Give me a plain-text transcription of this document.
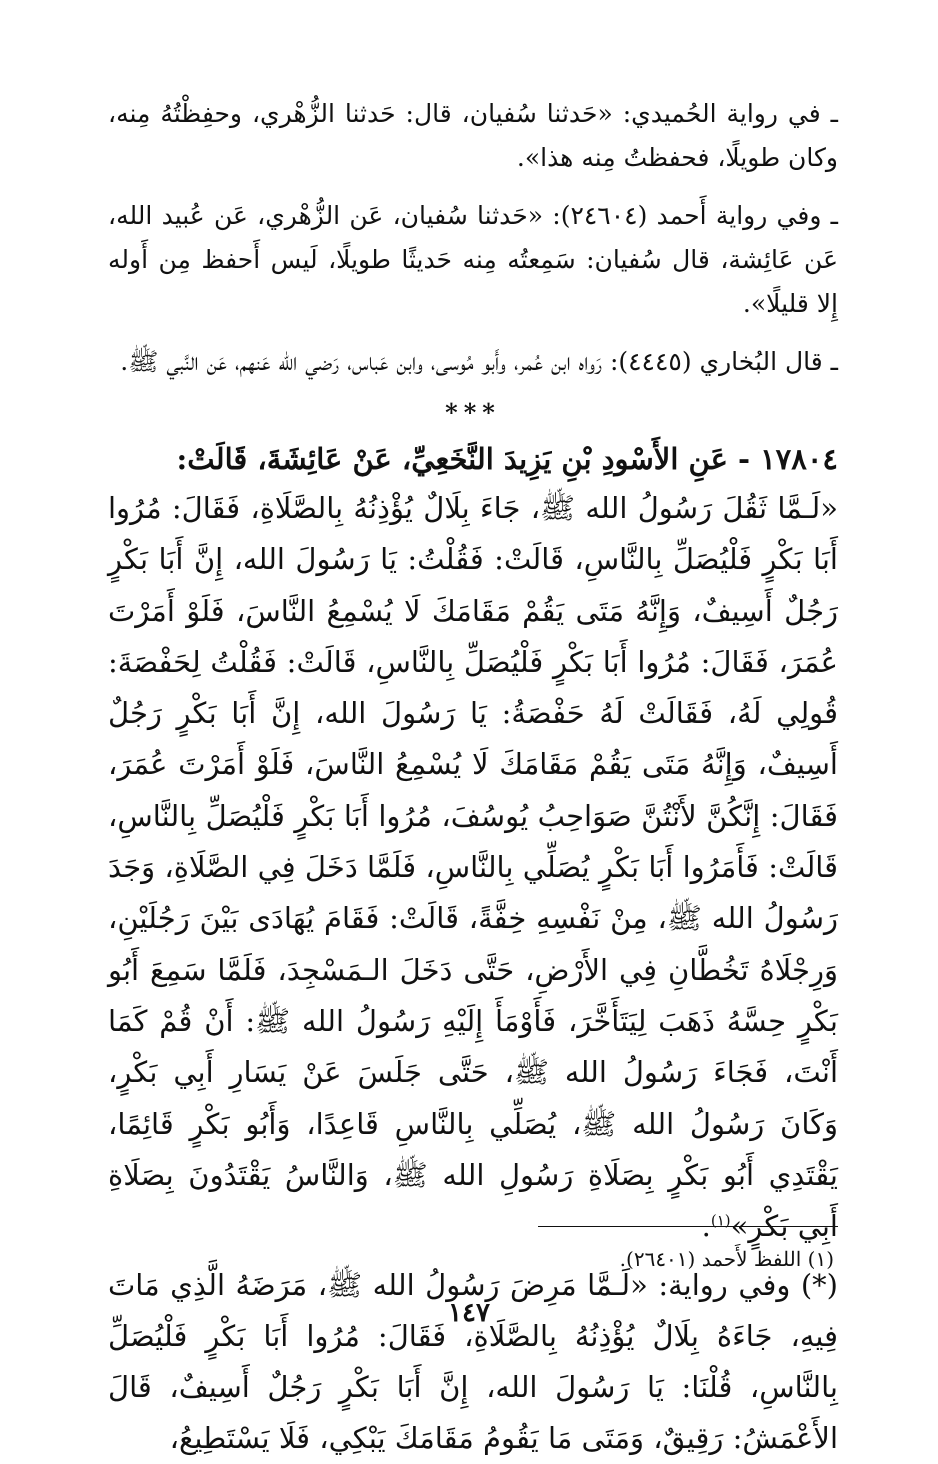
ـ في رواية الحُميدي: «حَدثنا سُفيان، قال: حَدثنا الزُّهْري، وحفِظْتُهُ مِنه، وكان طويلًا، فحفظتُ مِنه هذا».

ـ وفي رواية أَحمد (٢٤٦٠٤): «حَدثنا سُفيان، عَن الزُّهْري، عَن عُبيد الله، عَن عَائِشة، قال سُفيان: سَمِعتُه مِنه حَديثًا طويلًا، لَيس أَحفظ مِن أَوله إِلا قليلًا».

ـ قال البُخاري (٤٤٤٥): رَواه ابن عُمر، وأَبو مُوسى، وابن عَباس، رَضي الله عَنهم، عَن النَّبي ﷺ.

***
١٧٨٠٤ - عَنِ الأَسْودِ بْنِ يَزِيدَ النَّخَعِيِّ، عَنْ عَائِشَةَ، قَالَتْ:

«لَـمَّا ثَقُلَ رَسُولُ الله ﷺ، جَاءَ بِلَالٌ يُؤْذِنُهُ بِالصَّلَاةِ، فَقَالَ: مُرُوا أَبَا بَكْرٍ فَلْيُصَلِّ بِالنَّاسِ، قَالَتْ: فَقُلْتُ: يَا رَسُولَ الله، إِنَّ أَبَا بَكْرٍ رَجُلٌ أَسِيفٌ، وَإِنَّهُ مَتَى يَقُمْ مَقَامَكَ لَا يُسْمِعُ النَّاسَ، فَلَوْ أَمَرْتَ عُمَرَ، فَقَالَ: مُرُوا أَبَا بَكْرٍ فَلْيُصَلِّ بِالنَّاسِ، قَالَتْ: فَقُلْتُ لِحَفْصَةَ: قُولِي لَهُ، فَقَالَتْ لَهُ حَفْصَةُ: يَا رَسُولَ الله، إِنَّ أَبَا بَكْرٍ رَجُلٌ أَسِيفٌ، وَإِنَّهُ مَتَى يَقُمْ مَقَامَكَ لَا يُسْمِعُ النَّاسَ، فَلَوْ أَمَرْتَ عُمَرَ، فَقَالَ: إِنَّكُنَّ لأَنْتُنَّ صَوَاحِبُ يُوسُفَ، مُرُوا أَبَا بَكْرٍ فَلْيُصَلِّ بِالنَّاسِ، قَالَتْ: فَأَمَرُوا أَبَا بَكْرٍ يُصَلِّي بِالنَّاسِ، فَلَمَّا دَخَلَ فِي الصَّلَاةِ، وَجَدَ رَسُولُ الله ﷺ، مِنْ نَفْسِهِ خِفَّةً، قَالَتْ: فَقَامَ يُهَادَى بَيْنَ رَجُلَيْنِ، وَرِجْلَاهُ تَخُطَّانِ فِي الأَرْضِ، حَتَّى دَخَلَ الـمَسْجِدَ، فَلَمَّا سَمِعَ أَبُو بَكْرٍ حِسَّهُ ذَهَبَ لِيَتَأَخَّرَ، فَأَوْمَأَ إِلَيْهِ رَسُولُ الله ﷺ: أَنْ قُمْ كَمَا أَنْتَ، فَجَاءَ رَسُولُ الله ﷺ، حَتَّى جَلَسَ عَنْ يَسَارِ أَبِي بَكْرٍ، وَكَانَ رَسُولُ الله ﷺ، يُصَلِّي بِالنَّاسِ قَاعِدًا، وَأَبُو بَكْرٍ قَائِمًا، يَقْتَدِي أَبُو بَكْرٍ بِصَلَاةِ رَسُولِ الله ﷺ، وَالنَّاسُ يَقْتَدُونَ بِصَلَاةِ أَبِي بَكْرٍ»$^{(١)}$.

(*) وفي رواية: «لَـمَّا مَرِضَ رَسُولُ الله ﷺ، مَرَضَهُ الَّذِي مَاتَ فِيهِ، جَاءَهُ بِلَالٌ يُؤْذِنُهُ بِالصَّلَاةِ، فَقَالَ: مُرُوا أَبَا بَكْرٍ فَلْيُصَلِّ بِالنَّاسِ، قُلْنَا: يَا رَسُولَ الله، إِنَّ أَبَا بَكْرٍ رَجُلٌ أَسِيفٌ، قَالَ الأَعْمَشُ: رَقِيقٌ، وَمَتَى مَا يَقُومُ مَقَامَكَ يَبْكِي، فَلَا يَسْتَطِيعُ،

(١) اللفظ لأَحمد (٢٦٤٠١).

١٤٧
